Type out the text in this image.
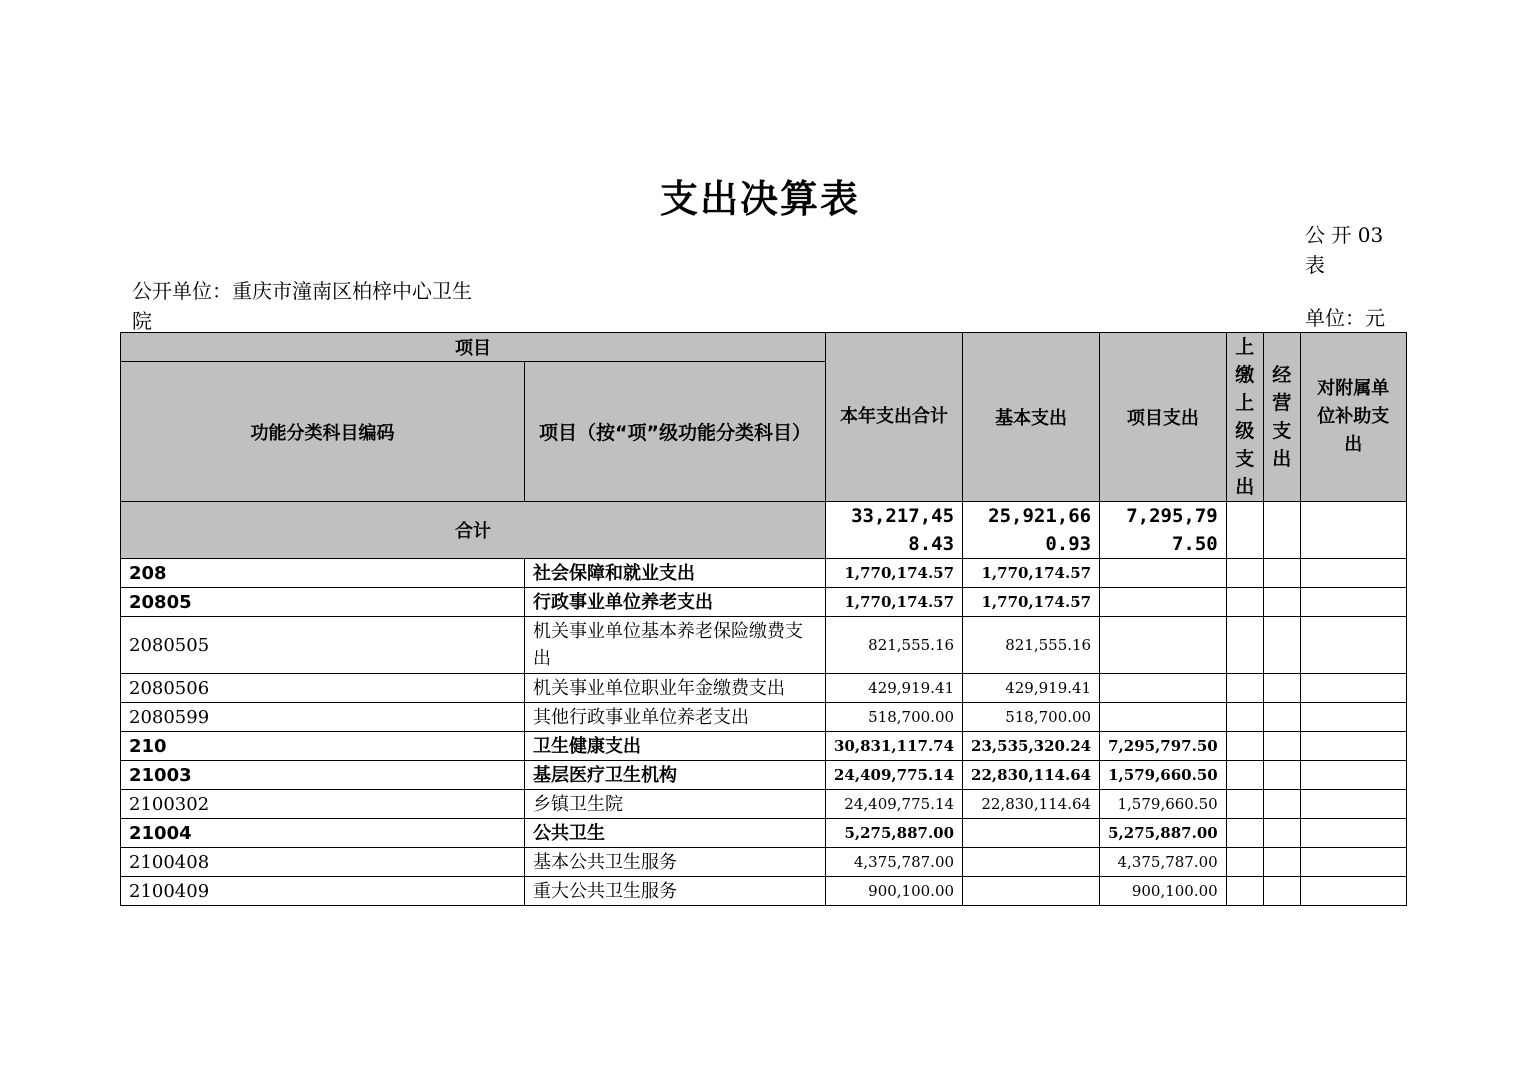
支出决算表
公 开 03 表
公开单位：重庆市潼南区柏梓中心卫生院	单位：元
项目		本年支出合计	基本支出	项目支出	上缴上级支出	经营支出	对附属单位补助支出
功能分类科目编码	项目（按“项”级功能分类科目）						
合计		33,217,458.43	25,921,660.93	7,295,797.50			
208	社会保障和就业支出	1,770,174.57	1,770,174.57				
20805	行政事业单位养老支出	1,770,174.57	1,770,174.57				
2080505	机关事业单位基本养老保险缴费支出	821,555.16	821,555.16				
2080506	机关事业单位职业年金缴费支出	429,919.41	429,919.41				
2080599	其他行政事业单位养老支出	518,700.00	518,700.00				
210	卫生健康支出	30,831,117.74	23,535,320.24	7,295,797.50			
21003	基层医疗卫生机构	24,409,775.14	22,830,114.64	1,579,660.50			
2100302	乡镇卫生院	24,409,775.14	22,830,114.64	1,579,660.50			
21004	公共卫生	5,275,887.00		5,275,887.00			
2100408	基本公共卫生服务	4,375,787.00		4,375,787.00			
2100409	重大公共卫生服务	900,100.00		900,100.00			
